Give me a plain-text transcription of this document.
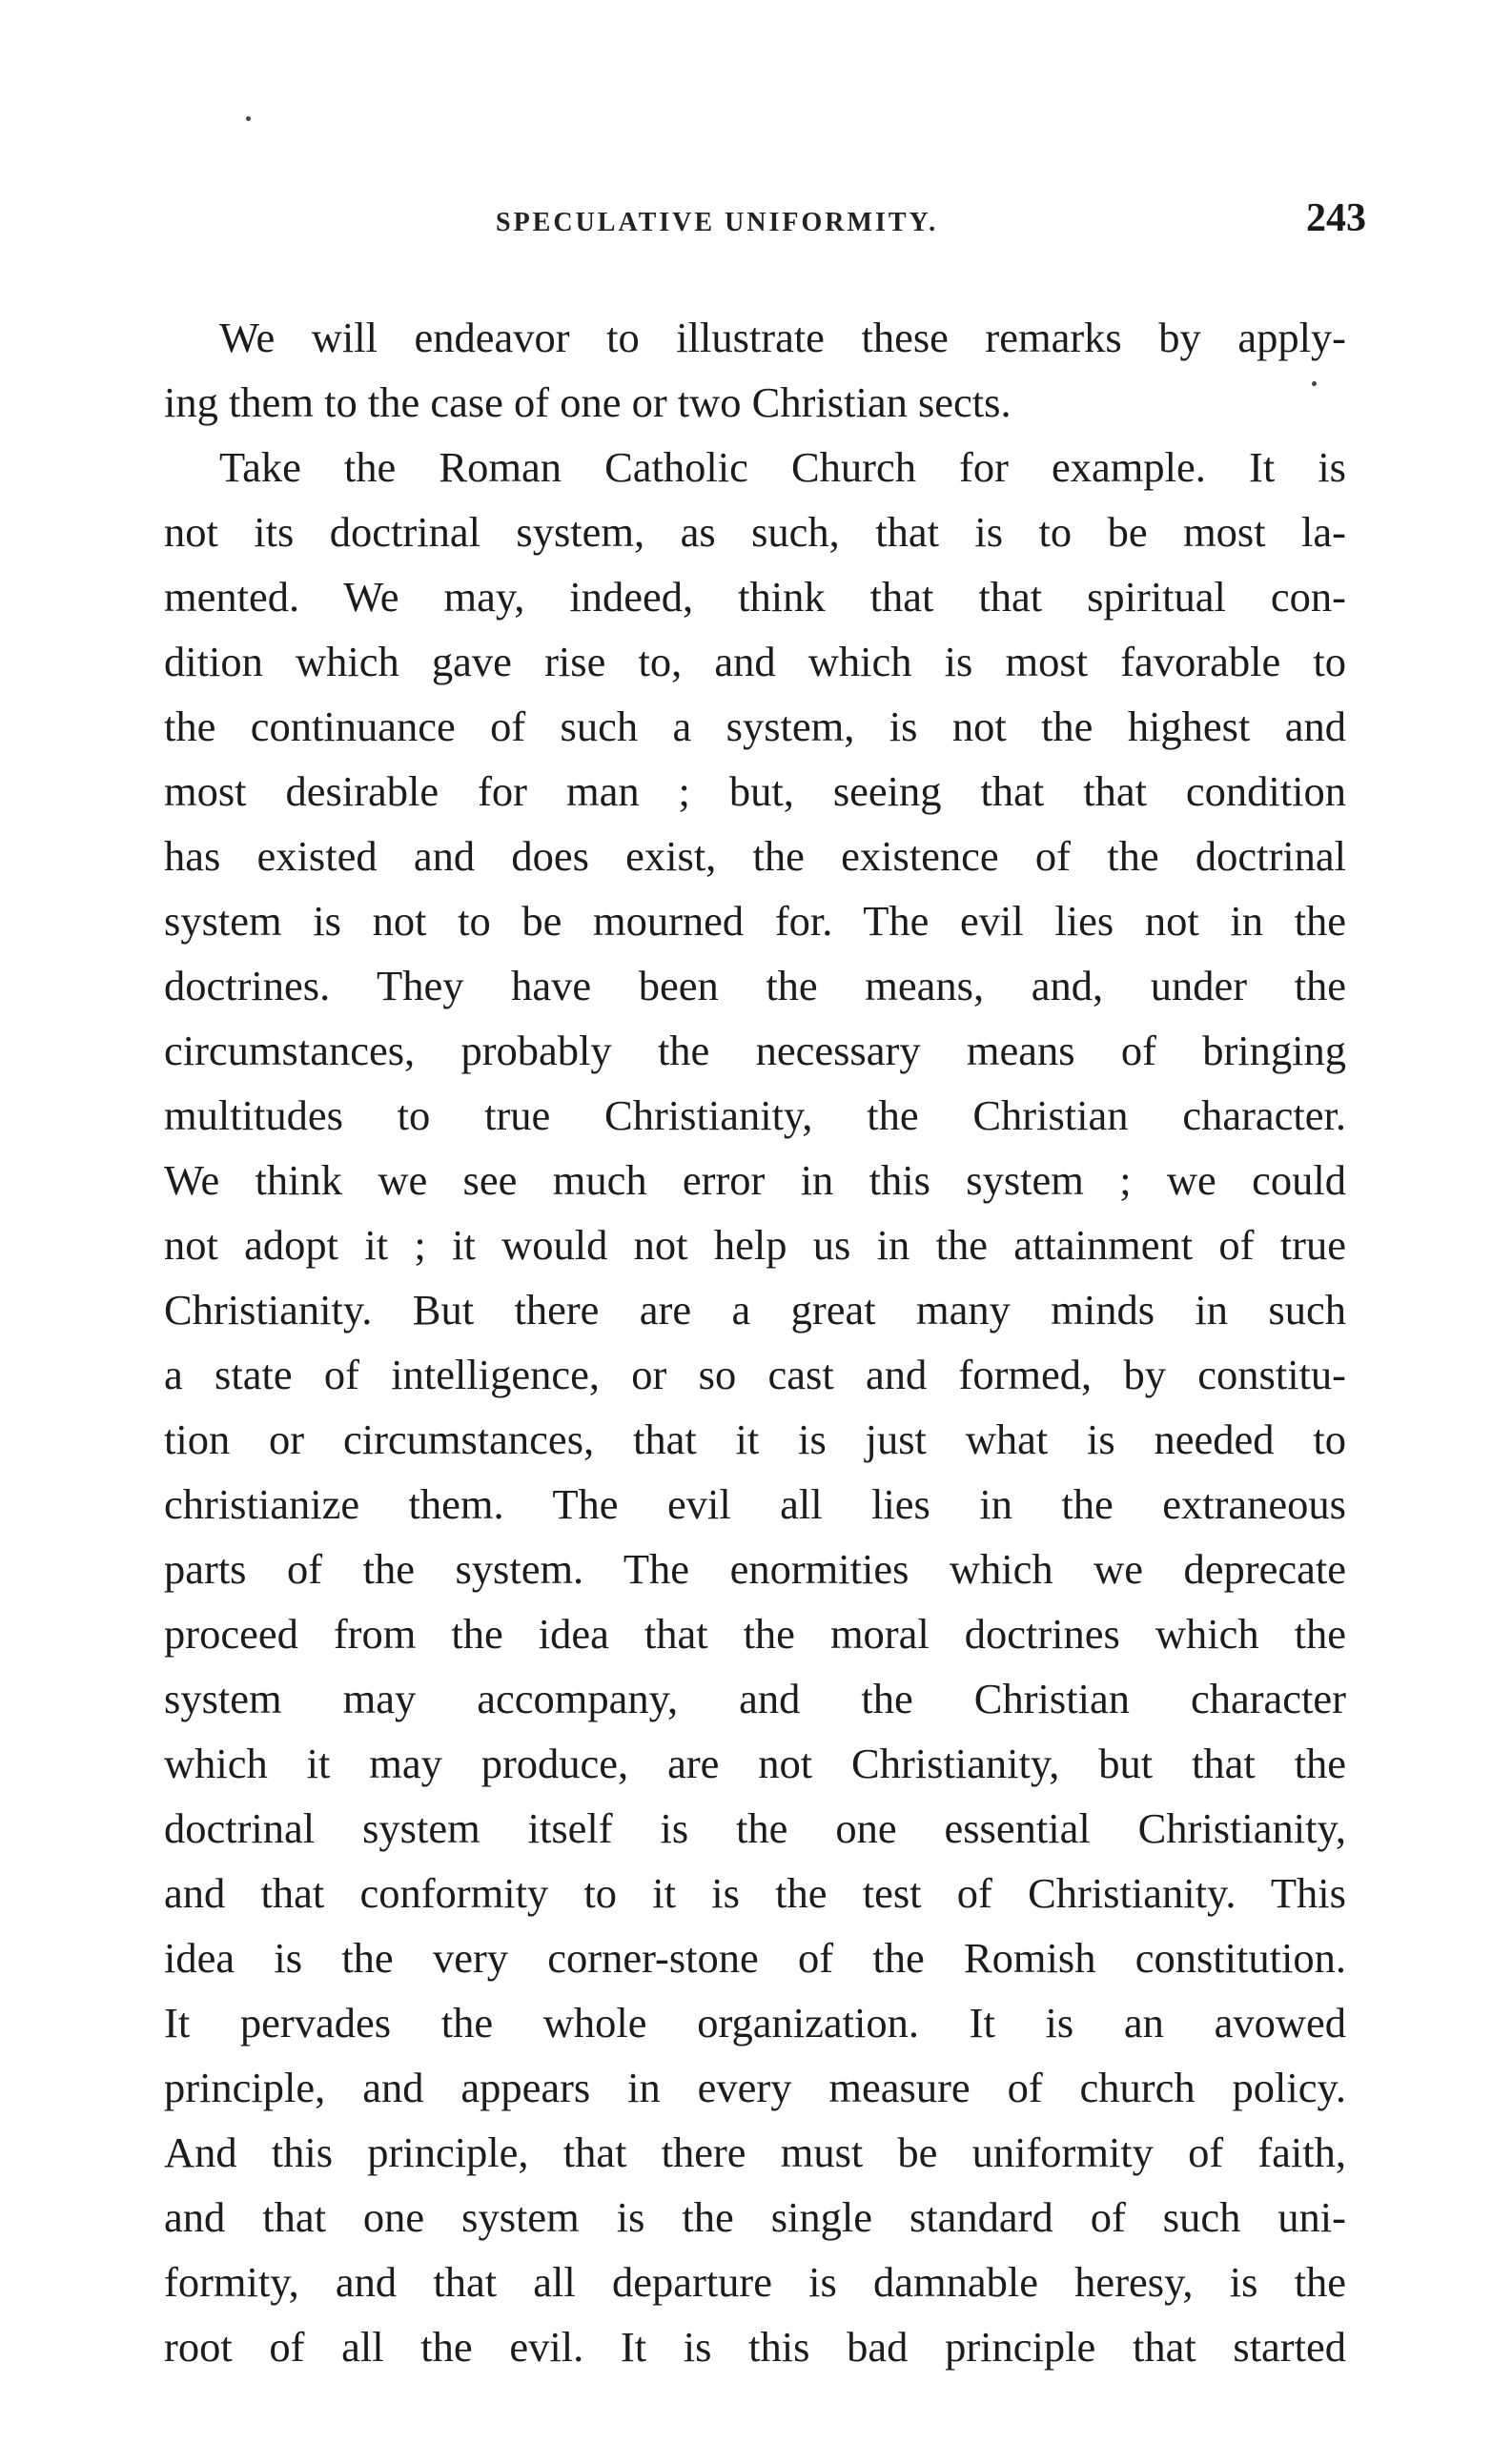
SPECULATIVE UNIFORMITY.	243
We will endeavor to illustrate these remarks by apply-
ing them to the case of one or two Christian sects.
Take the Roman Catholic Church for example. It is
not its doctrinal system, as such, that is to be most la-
mented. We may, indeed, think that that spiritual con-
dition which gave rise to, and which is most favorable to
the continuance of such a system, is not the highest and
most desirable for man ; but, seeing that that condition
has existed and does exist, the existence of the doctrinal
system is not to be mourned for. The evil lies not in the
doctrines. They have been the means, and, under the
circumstances, probably the necessary means of bringing
multitudes to true Christianity, the Christian character.
We think we see much error in this system ; we could
not adopt it ; it would not help us in the attainment of true
Christianity. But there are a great many minds in such
a state of intelligence, or so cast and formed, by constitu-
tion or circumstances, that it is just what is needed to
christianize them. The evil all lies in the extraneous
parts of the system. The enormities which we deprecate
proceed from the idea that the moral doctrines which the
system may accompany, and the Christian character
which it may produce, are not Christianity, but that the
doctrinal system itself is the one essential Christianity,
and that conformity to it is the test of Christianity. This
idea is the very corner-stone of the Romish constitution.
It pervades the whole organization. It is an avowed
principle, and appears in every measure of church policy.
And this principle, that there must be uniformity of faith,
and that one system is the single standard of such uni-
formity, and that all departure is damnable heresy, is the
root of all the evil. It is this bad principle that started
